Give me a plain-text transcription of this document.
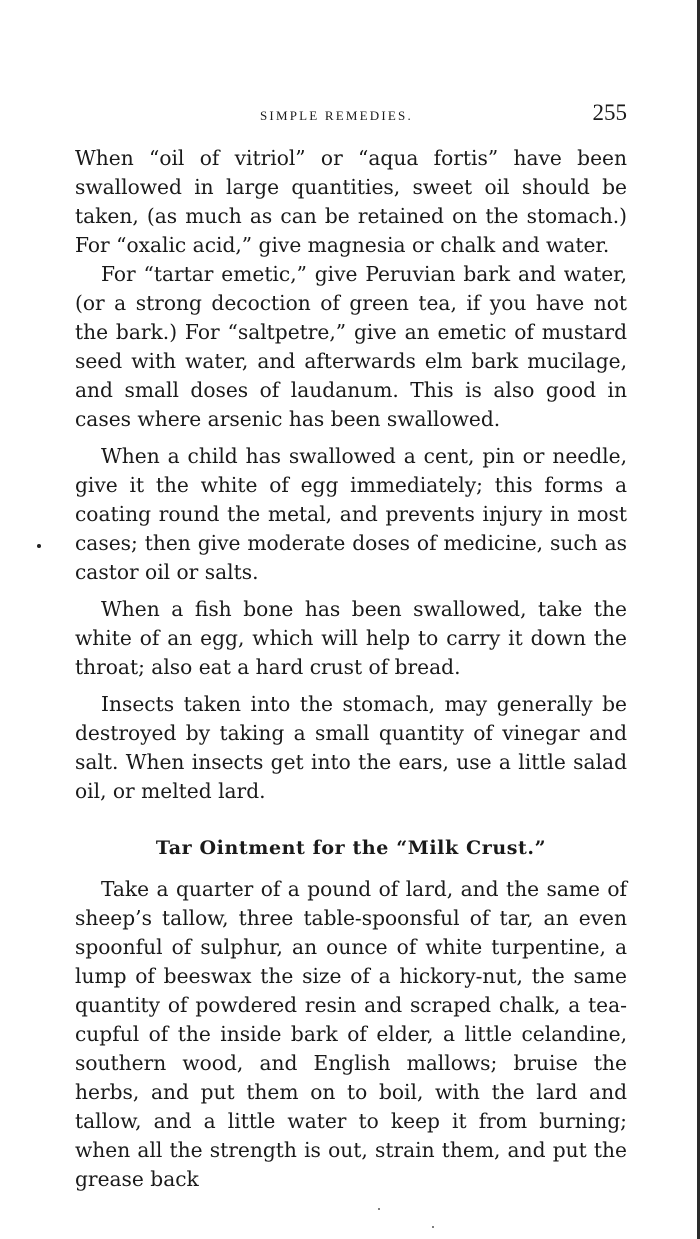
SIMPLE REMEDIES.	255

When “oil of vitriol” or “aqua fortis” have been swallowed in large quantities, sweet oil should be taken, (as much as can be retained on the stomach.) For “oxalic acid,” give magnesia or chalk and water.

For “tartar emetic,” give Peruvian bark and water, (or a strong decoction of green tea, if you have not the bark.) For “saltpetre,” give an emetic of mustard seed with water, and afterwards elm bark mucilage, and small doses of laudanum. This is also good in cases where arsenic has been swallowed.

When a child has swallowed a cent, pin or needle, give it the white of egg immediately; this forms a coating round the metal, and prevents injury in most cases; then give moderate doses of medicine, such as castor oil or salts.

When a fish bone has been swallowed, take the white of an egg, which will help to carry it down the throat; also eat a hard crust of bread.

Insects taken into the stomach, may generally be destroyed by taking a small quantity of vinegar and salt. When insects get into the ears, use a little salad oil, or melted lard.

Tar Ointment for the “Milk Crust.”

Take a quarter of a pound of lard, and the same of sheep’s tallow, three table-spoonsful of tar, an even spoonful of sulphur, an ounce of white turpentine, a lump of beeswax the size of a hickory-nut, the same quantity of powdered resin and scraped chalk, a tea-cupful of the inside bark of elder, a little celandine, southern wood, and English mallows; bruise the herbs, and put them on to boil, with the lard and tallow, and a little water to keep it from burning; when all the strength is out, strain them, and put the grease back
